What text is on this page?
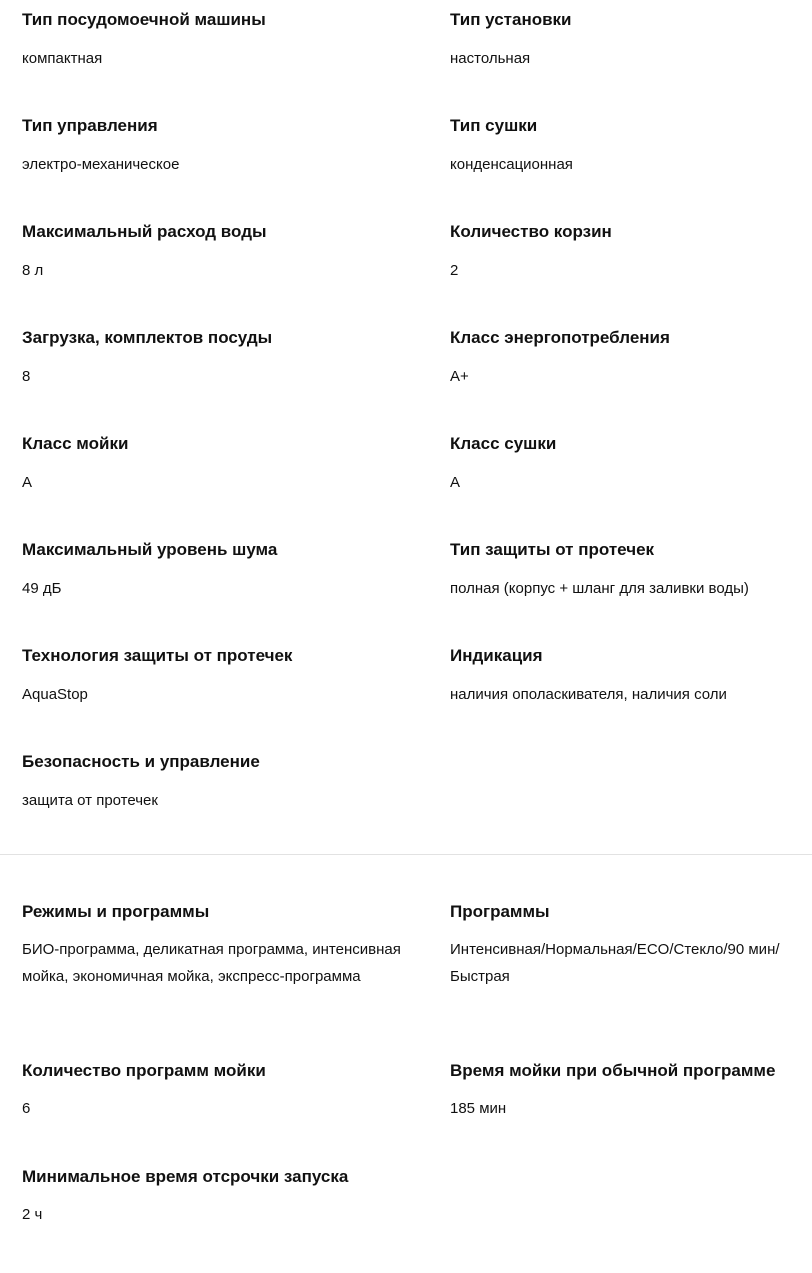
Тип посудомоечной машины

компактная

Тип установки

настольная

Тип управления

электро-механическое

Тип сушки

конденсационная

Максимальный расход воды

8 л

Количество корзин

2

Загрузка, комплектов посуды

8

Класс энергопотребления

A+

Класс мойки

A

Класс сушки

A

Максимальный уровень шума

49 дБ

Тип защиты от протечек

полная (корпус + шланг для заливки воды)

Технология защиты от протечек

AquaStop

Индикация

наличия ополаскивателя, наличия соли

Безопасность и управление

защита от протечек

Режимы и программы

БИО-программа, деликатная программа, интенсивная мойка, экономичная мойка, экспресс-программа

Программы

Интенсивная/Нормальная/ECO/Стекло/90 мин/Быстрая

Количество программ мойки

6

Время мойки при обычной программе

185 мин

Минимальное время отсрочки запуска

2 ч
